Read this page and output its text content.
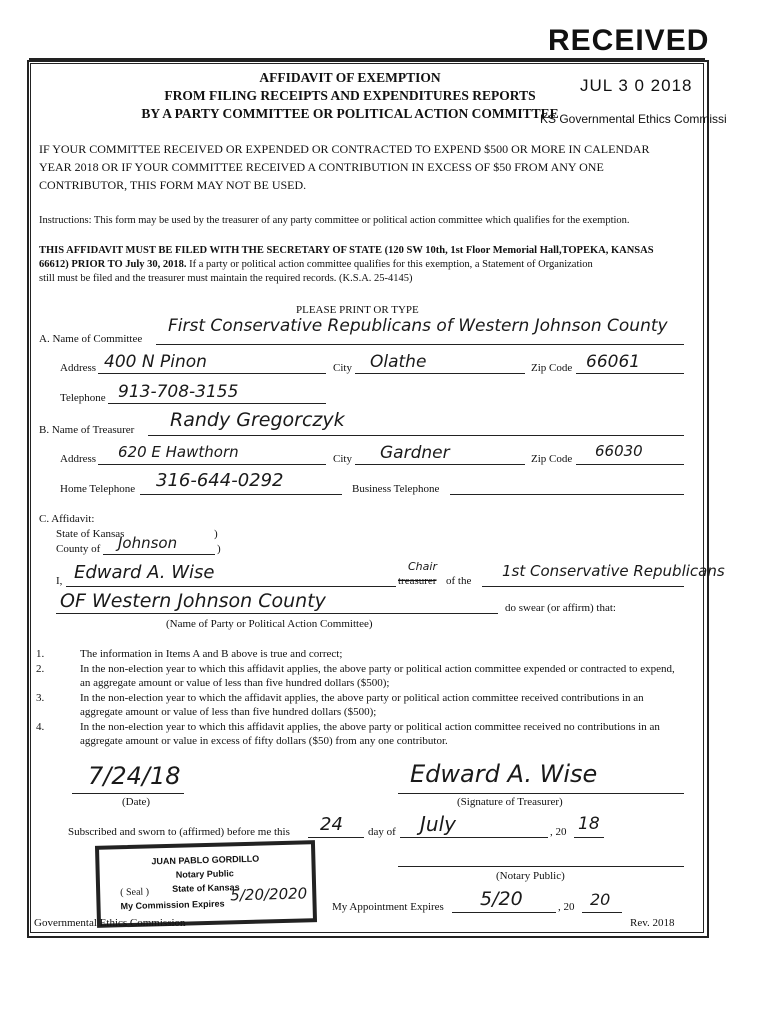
RECEIVED
JUL 3 0 2018
KS Governmental Ethics Commissi
AFFIDAVIT OF EXEMPTION
FROM FILING RECEIPTS AND EXPENDITURES REPORTS
BY A PARTY COMMITTEE OR POLITICAL ACTION COMMITTEE
IF YOUR COMMITTEE RECEIVED OR EXPENDED OR CONTRACTED TO EXPEND $500 OR MORE IN CALENDAR
YEAR 2018 OR IF YOUR COMMITTEE RECEIVED A CONTRIBUTION IN EXCESS OF $50 FROM ANY ONE
CONTRIBUTOR, THIS FORM MAY NOT BE USED.
Instructions: This form may be used by the treasurer of any party committee or political action committee which qualifies for the exemption.
THIS AFFIDAVIT MUST BE FILED WITH THE SECRETARY OF STATE (120 SW 10th, 1st Floor Memorial Hall,TOPEKA, KANSAS
66612) PRIOR TO July 30, 2018. If a party or political action committee qualifies for this exemption, a Statement of Organization
still must be filed and the treasurer must maintain the required records. (K.S.A. 25-4145)
PLEASE PRINT OR TYPE
A. Name of Committee
First Conservative Republicans of Western Johnson County
Address 400 N Pinon	City Olathe	Zip Code 66061
Telephone 913-708-3155
B. Name of Treasurer Randy Gregorczyk
Address 620 E Hawthorn	City Gardner	Zip Code 66030
Home Telephone 316-644-0292	Business Telephone
C. Affidavit:
State of Kansas	)
County of Johnson	)
I, Edward A. Wise	Chair
treasurer of the
1st Conservative Republicans
OF Western Johnson County	do swear (or affirm) that:
(Name of Party or Political Action Committee)
1.	The information in Items A and B above is true and correct;
2.	In the non-election year to which this affidavit applies, the above party or political action committee expended or contracted to expend, an aggregate amount or value of less than five hundred dollars ($500);
3.	In the non-election year to which the affidavit applies, the above party or political action committee received contributions in an aggregate amount or value of less than five hundred dollars ($500);
4.	In the non-election year to which this affidavit applies, the above party or political action committee received no contributions in an aggregate amount or value in excess of fifty dollars ($50) from any one contributor.
7/24/18
(Date)
Edward A. Wise
(Signature of Treasurer)
Subscribed and sworn to (affirmed) before me this 24 day of July	, 20 18
(Notary Public)
My Appointment Expires 5/20	, 20 20
JUAN PABLO GORDILLO
Notary Public
( Seal )	State of Kansas
My Commission Expires
5/20/2020
Governmental Ethics Commission	Rev. 2018
